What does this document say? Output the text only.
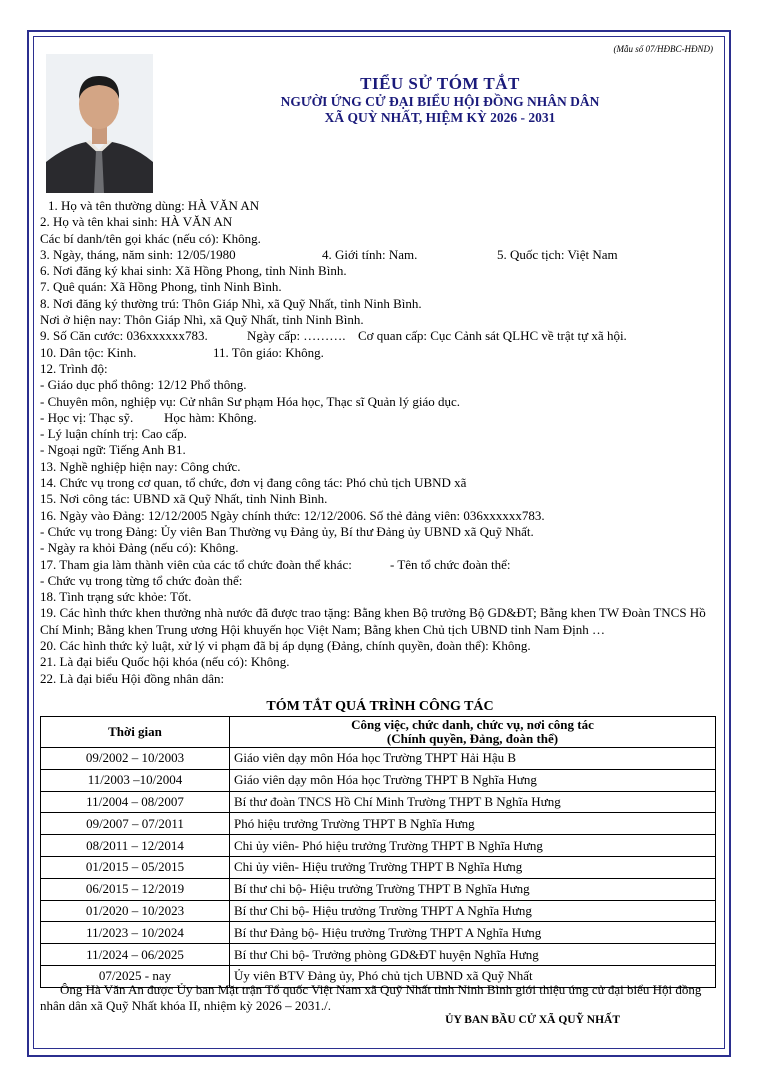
(Mẫu số 07/HĐBC-HĐND)
TIỂU SỬ TÓM TẮT
NGƯỜI ỨNG CỬ ĐẠI BIỂU HỘI ĐỒNG NHÂN DÂN
XÃ QUỲ NHẤT, HIỆM KỲ 2026 - 2031
1. Họ và tên thường dùng: HÀ VĂN AN
2. Họ và tên khai sinh: HÀ VĂN AN
Các bí danh/tên gọi khác (nếu có): Không.
3. Ngày, tháng, năm sinh: 12/05/1980	4. Giới tính: Nam.	5. Quốc tịch: Việt Nam
6. Nơi đăng ký khai sinh: Xã Hồng Phong, tỉnh Ninh Bình.
7. Quê quán: Xã Hồng Phong, tỉnh Ninh Bình.
8. Nơi đăng ký thường trú: Thôn Giáp Nhì, xã Quỹ Nhất, tỉnh Ninh Bình.
Nơi ở hiện nay: Thôn Giáp Nhì, xã Quỹ Nhất, tỉnh Ninh Bình.
9. Số Căn cước: 036xxxxxx783.	Ngày cấp: ………. Cơ quan cấp: Cục Cảnh sát QLHC về trật tự xã hội.
10. Dân tộc: Kinh.	11. Tôn giáo: Không.
12. Trình độ:
- Giáo dục phổ thông: 12/12 Phổ thông.
- Chuyên môn, nghiệp vụ: Cử nhân Sư phạm Hóa học, Thạc sĩ Quản lý giáo dục.
- Học vị: Thạc sỹ. Học hàm: Không.
- Lý luận chính trị: Cao cấp.
- Ngoại ngữ: Tiếng Anh B1.
13. Nghề nghiệp hiện nay: Công chức.
14. Chức vụ trong cơ quan, tổ chức, đơn vị đang công tác: Phó chủ tịch UBND xã
15. Nơi công tác: UBND xã Quỹ Nhất, tỉnh Ninh Bình.
16. Ngày vào Đảng: 12/12/2005 Ngày chính thức: 12/12/2006. Số thẻ đảng viên: 036xxxxxx783.
- Chức vụ trong Đảng: Ủy viên Ban Thường vụ Đảng ủy, Bí thư Đảng ủy UBND xã Quỹ Nhất.
- Ngày ra khỏi Đảng (nếu có): Không.
17. Tham gia làm thành viên của các tổ chức đoàn thể khác:	- Tên tổ chức đoàn thể:
- Chức vụ trong từng tổ chức đoàn thể:
18. Tình trạng sức khỏe: Tốt.
19. Các hình thức khen thưởng nhà nước đã được trao tặng: Bằng khen Bộ trưởng Bộ GD&ĐT; Bằng khen TW Đoàn TNCS Hồ Chí Minh; Bằng khen Trung ương Hội khuyến học Việt Nam; Bằng khen Chủ tịch UBND tỉnh Nam Định …
20. Các hình thức kỷ luật, xử lý vi phạm đã bị áp dụng (Đảng, chính quyền, đoàn thể): Không.
21. Là đại biểu Quốc hội khóa (nếu có): Không.
22. Là đại biểu Hội đồng nhân dân:
TÓM TẮT QUÁ TRÌNH CÔNG TÁC
Thời gian	Công việc, chức danh, chức vụ, nơi công tác
(Chính quyền, Đảng, đoàn thể)

09/2002 – 10/2003	Giáo viên dạy môn Hóa học Trường THPT Hải Hậu B
11/2003 –10/2004	Giáo viên dạy môn Hóa học Trường THPT B Nghĩa Hưng
11/2004 – 08/2007	Bí thư đoàn TNCS Hồ Chí Minh Trường THPT B Nghĩa Hưng
09/2007 – 07/2011	Phó hiệu trưởng Trường THPT B Nghĩa Hưng
08/2011 – 12/2014	Chi ủy viên- Phó hiệu trưởng Trường THPT B Nghĩa Hưng
01/2015 – 05/2015	Chi ủy viên- Hiệu trưởng Trường THPT B Nghĩa Hưng
06/2015 – 12/2019	Bí thư chi bộ- Hiệu trưởng Trường THPT B Nghĩa Hưng
01/2020 – 10/2023	Bí thư Chi bộ- Hiệu trưởng Trường THPT A Nghĩa Hưng
11/2023 – 10/2024	Bí thư Đảng bộ- Hiệu trưởng Trường THPT A Nghĩa Hưng
11/2024 – 06/2025	Bí thư Chi bộ- Trưởng phòng GD&ĐT huyện Nghĩa Hưng
07/2025 - nay	Ủy viên BTV Đảng ủy, Phó chủ tịch UBND xã Quỹ Nhất
Ông Hà Văn An được Ủy ban Mặt trận Tổ quốc Việt Nam xã Quỹ Nhất tỉnh Ninh Bình giới thiệu ứng cử đại biểu Hội đồng nhân dân xã Quỹ Nhất khóa II, nhiệm kỳ 2026 – 2031./.
ỦY BAN BẦU CỬ XÃ QUỸ NHẤT
